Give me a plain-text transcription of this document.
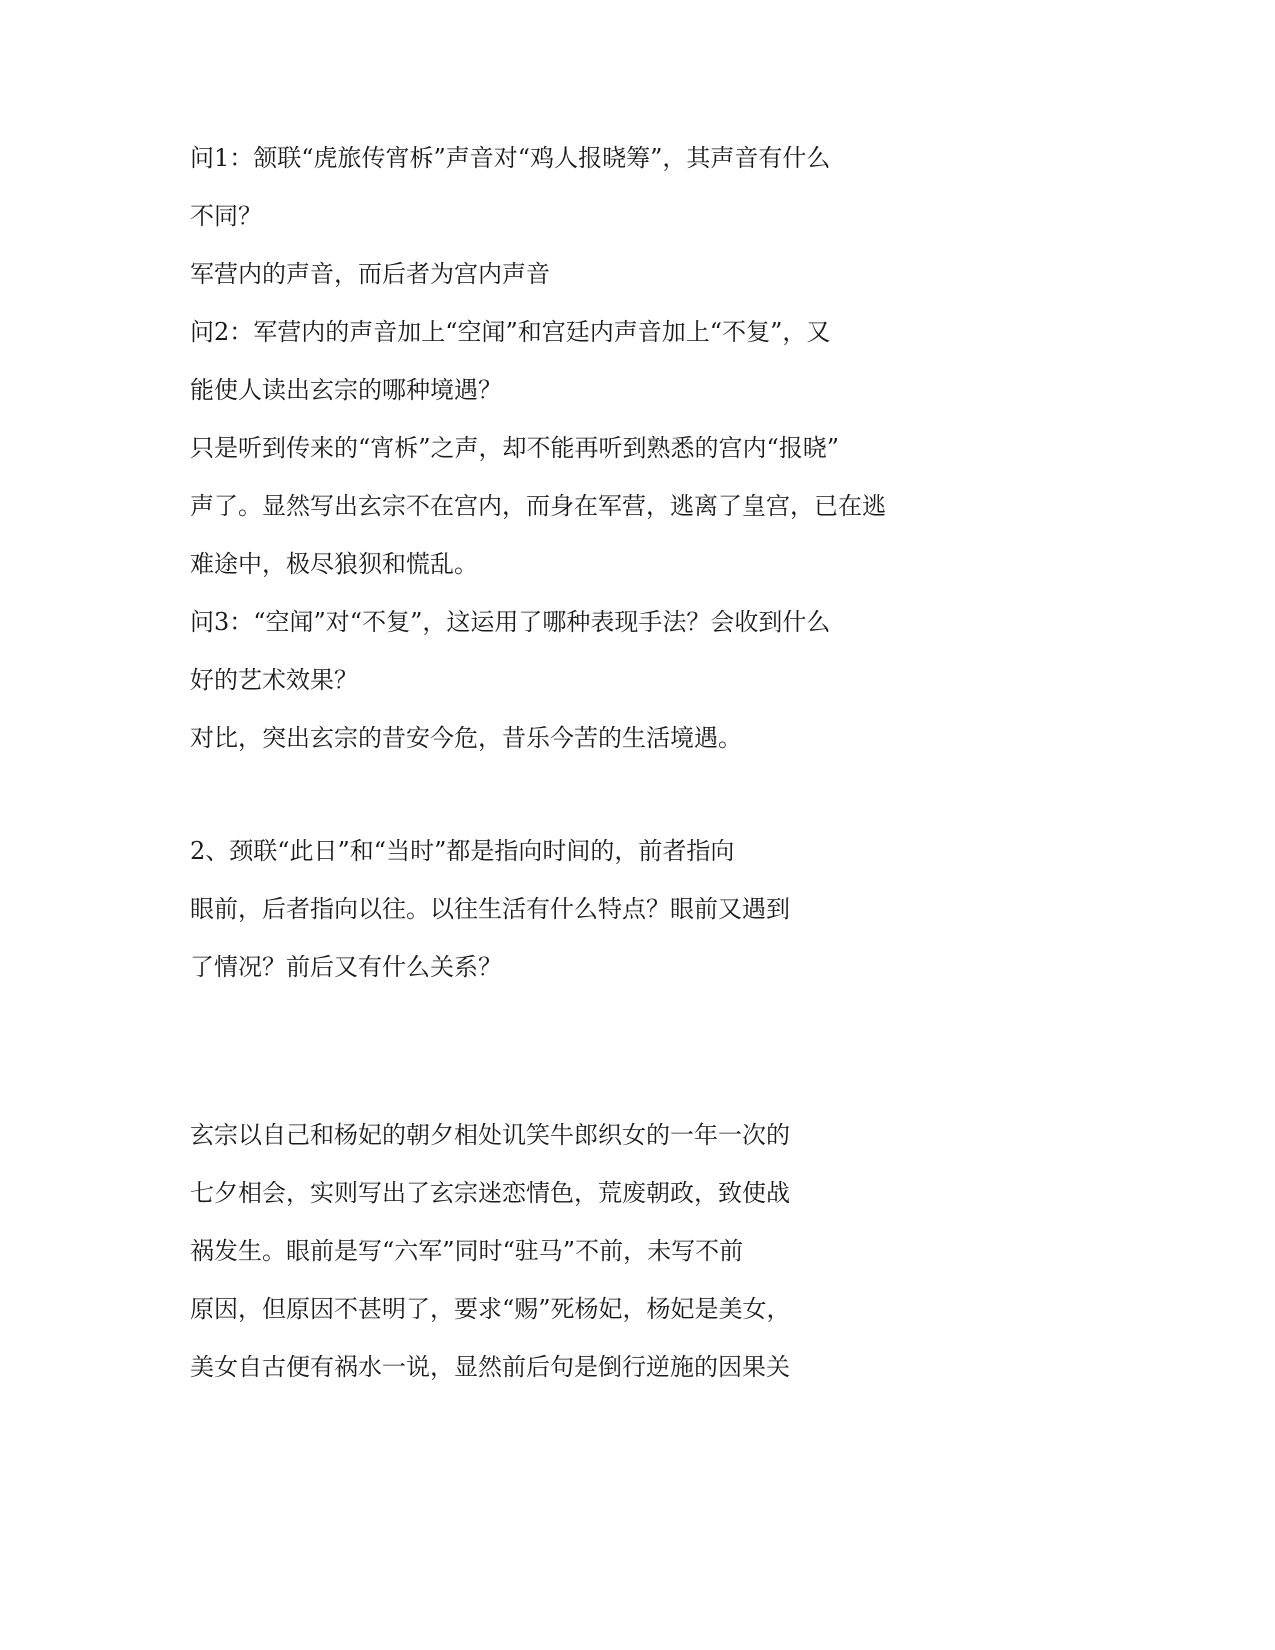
问1：颔联“虎旅传宵柝”声音对“鸡人报晓筹”，其声音有什么

不同？

军营内的声音，而后者为宫内声音

问2：军营内的声音加上“空闻”和宫廷内声音加上“不复”，又

能使人读出玄宗的哪种境遇？

只是听到传来的“宵柝”之声，却不能再听到熟悉的宫内“报晓”

声了。显然写出玄宗不在宫内，而身在军营，逃离了皇宫，已在逃

难途中，极尽狼狈和慌乱。

问3：“空闻”对“不复”，这运用了哪种表现手法？会收到什么

好的艺术效果？

对比，突出玄宗的昔安今危，昔乐今苦的生活境遇。

2、颈联“此日”和“当时”都是指向时间的，前者指向

眼前，后者指向以往。以往生活有什么特点？眼前又遇到

了情况？前后又有什么关系？

玄宗以自己和杨妃的朝夕相处讥笑牛郎织女的一年一次的

七夕相会，实则写出了玄宗迷恋情色，荒废朝政，致使战

祸发生。眼前是写“六军”同时“驻马”不前，未写不前

原因，但原因不甚明了，要求“赐”死杨妃，杨妃是美女，

美女自古便有祸水一说，显然前后句是倒行逆施的因果关
